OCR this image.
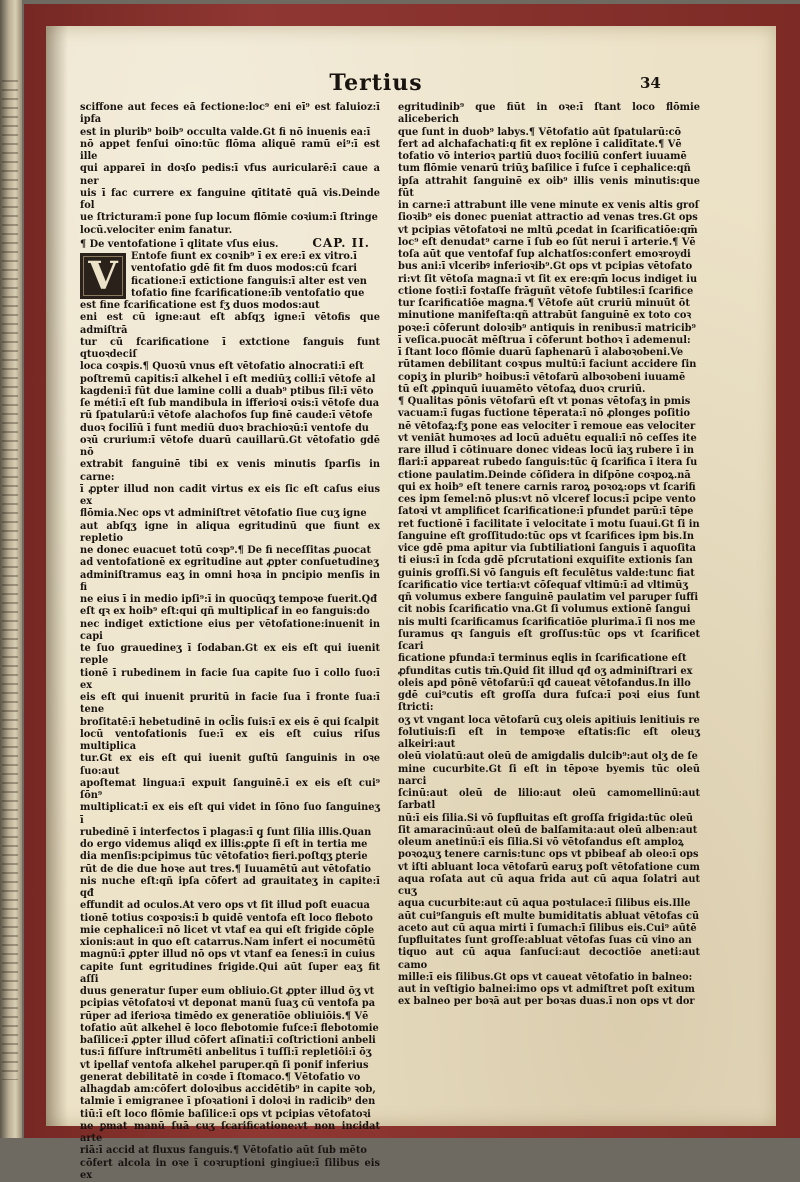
Tertius	34

sciffone aut feces eā fectione:loc⁹ eni eī⁹ est faluioz:ī ipfa

est in plurib⁹ boib⁹ occulta valde.Gt fi nō inuenis ea:ī

nō appet fenſui oīno:tūc flōma aliquē ramū ei⁹:ī est ille

qui appareī in doꝛſo pedis:ī vfus auricularē:ī caue a ner

uis ī fac currere ex fanguine qītitatē quā vis.Deinde fol

ue ſtricturam:ī pone ſup locum flōmie coꝛium:ī ſtringe

locū.velociter enim fanatur.

¶ De ventofatione ī qlitate vſus eius.	CAP. II.

V	Entofe fiunt ex coꝛnib⁹ ī ex ere:ī ex vitro.ī

ventofatio gdē fit fm duos modos:cū fcari

ficatione:ī extictione fanguis:ī alter est ven

tofatio fine fcarificatione:īb ventofatio que

est fine fcarificatione est fʒ duos modos:aut

eni est cū igne:aut eſt abſqʒ igne:ī vētofis que admiſtrā

tur cū fcarificatione ī extctione fanguis funt qtuoꝛdeciſ

loca coꝛpis.¶ Quoꝛū vnus eſt vētofatio alnocrati:ī eſt

poſtremū capitis:ī alkehel ī eſt mediūʒ colli:ī vētofe al

kagdeni:ī fūt due lamine colli a duab⁹ ptibus ſil:ī vēto

ſe méti:ī eſt ſub mandibula in ifferioꝛi oꝛis:ī vētofe dua

rū ſpatularū:ī vētofe alachofos ſup finē caude:ī vētofe

duoꝛ focilīū ī funt mediū duoꝛ brachioꝛū:ī ventofe du

oꝛū crurium:ī vētofe duarū cauillarū.Gt vētofatio gdē nō

extrabit fanguinē tibi ex venis minutis ſparſis in carne:

ī ꝓpter illud non cadit virtus ex eis ſic eſt caſus eius ex

flōmia.Nec ops vt adminiſtret vētofatio ſiue cuʒ igne

aut abſqʒ igne in aliqua egritudinū que fiunt ex repletio

ne donec euacuet totū coꝛp⁹.¶ De fi neceſſitas ꝓuocat

ad ventofationē ex egritudine aut ꝓpter conſuetudineʒ

adminiſtramus eaʒ in omni hoꝛa in pncipio menſis in fi

ne eius ī in medio ipſi⁹:ī in quocūqʒ tempoꝛe fuerit.Qđ

eſt qꝛ ex hoib⁹ eſt:qui qñ multiplicaf in eo fanguis:do

nec indiget extictione eius per vētofatione:inuenit in capi

te ſuo grauedineʒ ī ſodaban.Gt ex eis eſt qui iuenit reple

tionē ī rubedinem in facie ſua capite ſuo ī collo ſuo:ī ex

eis eſt qui inuenit pruritū in facie ſua ī fronte ſua:ī tene

broſitatē:ī hebetudinē in ocl̄is ſuis:ī ex eis ē qui ſcalpit

locū ventofationis ſue:ī ex eis eſt cuius riſus multiplica

tur.Gt ex eis eſt qui iuenit guſtū ſanguinis in oꝛe ſuo:aut

apoſtemat lingua:ī expuit ſanguinē.ī ex eis eſt cui⁹ ſōn⁹

multiplicat:ī ex eis eſt qui videt in ſōno ſuo ſanguineʒ ī

rubedinē ī interfectos ī plagas:ī q ſunt ſilia illis.Quan

do ergo videmus aliqd ex illis:ꝓpt̄e ſi eſt in tertia me

dia menſis:pcipimus tūc vētofatioꝛ fieri.poſtqʒ ꝑterie

rūt de die due hoꝛe aut tres.¶ Iuuamētū aut vētofatio

nis nuche eſt:qñ ipſa cōfert ad grauitateʒ in capite:ī qđ

effundit ad oculos.At vero ops vt ſit illud poſt euacua

tionē totius coꝛpoꝛis:ī b quidē ventofa eſt loco fleboto

mie cephalice:ī nō licet vt vtaf ea qui eſt frigide cōple

xionis:aut in quo eſt catarrus.Nam infert ei nocumētū

magnū:ī ꝓpter illud nō ops vt vtanf ea ſenes:ī in cuius

capite ſunt egritudines frigide.Qui aūt ſuper eaʒ fit aſſi

duus generatur ſuper eum obliuio.Gt ꝓpter illud ōʒ vt

pcipias vētofatoꝛi vt deponat manū ſuaʒ cū ventofa pa

rūper ad iferioꝛa timēdo ex generatiōe obliuiōis.¶ Vē

tofatio aūt alkehel ē loco flebotomie fuſce:ī flebotomie

baſilice:ī ꝓpter illud cōfert aſinati:ī coſtrictioni anbeli

tus:ī fiſſure inſtrumēti anbelitus ī tuſſi:ī repletiōi:ī ōʒ

vt ipellaf ventofa alkehel paruꝑer.qñ ſi ponif inferius

generat debilitatē in coꝛde ī ſtomaco.¶ Vētofatio vo

alhagdab am:cōfert doloꝛibus accidētib⁹ in capite ꝛob,

talmie ī emigranee ī pſoꝛationi ī doloꝛi in radicib⁹ den

tiū:ī eſt loco flōmie baſilice:ī ops vt pcipias vētofatoꝛi

ne ꝑmat manū ſuā cuʒ ſcarificatione:vt non incidat arte

riā:ī accid at fluxus fanguis.¶ Vētofatio aūt ſub mēto

cōfert alcola in oꝛe ī coꝛruptioni gingiue:ī ſilibus eis ex

egritudinib⁹ que fiūt in oꝛe:ī ſtant loco flōmie aliceberich

que ſunt in duob⁹ labys.¶ Vētofatio aūt ſpatularū:cō

fert ad alchafachati:q fit ex replōne ī calidītate.¶ Vē

tofatio vō interioꝛ partiū duoꝛ fociliū confert iuuamē

tum flōmie venarū triūʒ baſilice ī fuſce ī cephalice:qñ

ipſa attrahit ſanguinē ex oib⁹ illis venis minutis:que fūt

in carne:ī attrabunt ille vene minute ex venis altis groſ

ſioꝛib⁹ eis donec pueniat attractio ad venas tres.Gt ops

vt pcipias vētofatoꝛi ne mltū ꝓcedat in ſcarificatiōe:qm̄

loc⁹ eſt denudat⁹ carne ī ſub eo ſūt nerui ī arterie.¶ Vē

toſa aūt que ventofaf ſup alchatſos:confert emoꝛroydi

bus ani:ī vlceribꝰ inferioꝛib⁹.Gt ops vt pcipias vētofato

ri:vt ſit vētoſa magna:ī vt ſit ex ere:qm̄ locus indiget iu

ctione foꝛti:ī foꝛtaſſe frāguñt vētofe ſubtiles:ī ſcarifice

tur ſcarificatiōe magna.¶ Vētofe aūt cruriū minuūt ōt

minutione manifeſta:qñ attrabūt ſanguinē ex toto coꝛ

poꝛe:ī cōferunt doloꝛib⁹ antiquis in renibus:ī matricib⁹

ī veſica.puocāt mēſtrua ī cōferunt bothoꝛ ī ademenul:

ī ſtant loco flōmie duarū ſaphenarū ī alaboꝛobeni.Ve

rūtamen debilitant coꝛpus multū:ī faciunt accidere ſin

copiʒ in plurib⁹ hoibus:ī vētofarū alboꝛobeni iuuamē

tū eſt ꝓpinquū iuuamēto vētofaꝝ duoꝛ cruriū.

¶ Qualitas pōnis vētofarū eſt vt ponas vētofaʒ in pmis

vacuam:ī fugas fuctione tēperata:ī nō ꝓlonges poſitio

nē vētofaꝝ:fʒ pone eas velociter ī remoue eas velociter

vt veniāt humoꝛes ad locū aduētu equali:ī nō ceſſes ite

rare illud ī cōtinuare donec videas locū iaʒ rubere ī in

flari:ī appareat rubedo ſanguis:tūc q̄ ſcarifica ī itera ſu

ctione paulatim.Deinde cōſidera in diſpōne coꝛpoꝝ.nā

qui ex hoib⁹ eſt tenere carnis raroꝝ poꝛoꝝ:ops vt ſcarifi

ces ipm ſemel:nō plus:vt nō vlceref locus:ī pcipe vento

ſatoꝛi vt amplificet ſcarificatione:ī pfundet parū:ī tēpe

ret fuctionē ī facilitate ī velocitate ī motu ſuaui.Gt ſi in

ſanguine eſt groſſitudo:tūc ops vt ſcarifices ipm bis.In

vice gdē pma apitur via ſubtiliationi ſanguis ī aquoſita

ti eius:ī in ſcda gdē pſcrutationi exquiſite extionis ſan

guinis groſſi.Si vō ſanguis eſt feculētus valde:tunc fiat

ſcarificatio vice tertia:vt cōſequaf vltimū:ī ad vltimūʒ

qñ volumus exbere ſanguinē paulatim vel paruꝑer ſuffi

cit nobis ſcarificatio vna.Gt ſi volumus extionē ſangui

nis multi ſcarificamus ſcarificatiōe plurima.ī ſi nos me

ſuramus qꝛ ſanguis eſt groſſus:tūc ops vt ſcarificet ſcari

ficatione pfunda:ī terminus eqlis in ſcarificatione eſt

ꝓfunditas cutis tm̄.Quid ſit illud qđ oʒ adminiſtrari ex

oleis apd pōnē vētofarū:ī qđ caueat vētofandus.In illo

gdē cui⁹cutis eſt groſſa dura fuſca:ī poꝛi eius ſunt ſtricti:

oʒ vt vngant loca vētofarū cuʒ oleis apitiuis lenitiuis re

folutiuis:ſi eſt in tempoꝛe eſtatis:ſic eſt oleuʒ alkeiri:aut

oleū violatū:aut oleū de amigdalis dulcib⁹:aut olʒ de ſe

mine cucurbite.Gt ſi eſt in tēpoꝛe byemis tūc oleū narci

ſcinū:aut oleū de lilio:aut oleū camomellinū:aut ſarbatl

nū:ī eis ſilia.Si vō ſupfluitas eſt groſſa frigida:tūc oleū

ſit amaracinū:aut oleū de balſamita:aut oleū alben:aut

oleum anetinū:ī eis ſilia.Si vō vētofandus eſt amploꝝ

poꝛoꝝuʒ tenere carnis:tunc ops vt pbibeaf ab oleo:ī ops

vt iſti abluant loca vētofarū earuʒ poſt vētofatione cum

aqua roſata aut cū aqua frida aut cū aqua ſolatri aut cuʒ

aqua cucurbite:aut cū aqua poꝛtulace:ī ſilibus eis.Ille

aūt cui⁹ſanguis eſt multe bumiditatis abluat vētofas cū

aceto aut cū aqua mirti ī ſumach:ī ſilibus eis.Cui⁹ aūtē

ſupfluitates ſunt groſſe:abluat vētofas ſuas cū vino an

tiquo aut cū aqua ſanſuci:aut decoctiōe aneti:aut camo

mille:ī eis ſilibus.Gt ops vt caueat vētofatio in balneo:

aut in veſtigio balnei:imo ops vt admiſtret poſt exitum

ex balneo per boꝛā aut per boꝛas duas.ī non ops vt dor
